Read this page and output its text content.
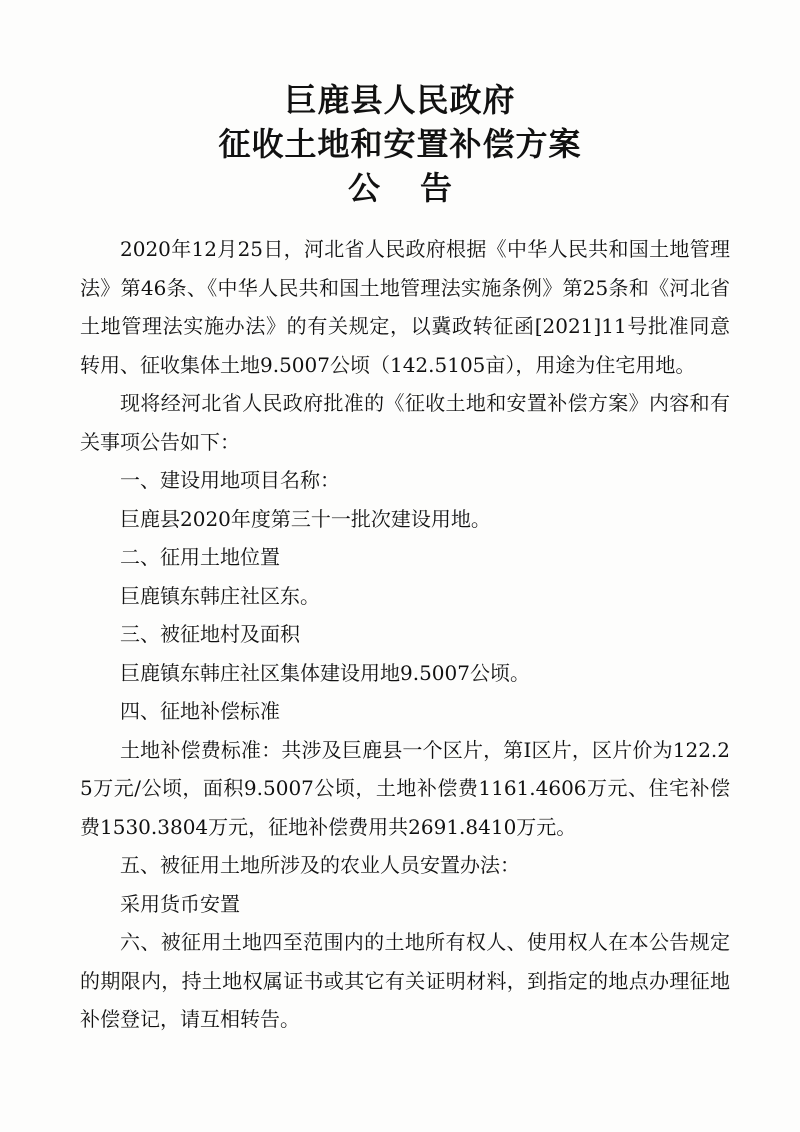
巨鹿县人民政府
征收土地和安置补偿方案
公告

2020年12月25日，河北省人民政府根据《中华人民共和国土地管理法》第46条、《中华人民共和国土地管理法实施条例》第25条和《河北省土地管理法实施办法》的有关规定，以冀政转征函[2021]11号批准同意转用、征收集体土地9.5007公顷（142.5105亩），用途为住宅用地。

现将经河北省人民政府批准的《征收土地和安置补偿方案》内容和有关事项公告如下：

一、建设用地项目名称：

巨鹿县2020年度第三十一批次建设用地。

二、征用土地位置

巨鹿镇东韩庄社区东。

三、被征地村及面积

巨鹿镇东韩庄社区集体建设用地9.5007公顷。

四、征地补偿标准

土地补偿费标准：共涉及巨鹿县一个区片，第Ⅰ区片，区片价为122.25万元/公顷，面积9.5007公顷，土地补偿费1161.4606万元、住宅补偿费1530.3804万元，征地补偿费用共2691.8410万元。

五、被征用土地所涉及的农业人员安置办法：

采用货币安置

六、被征用土地四至范围内的土地所有权人、使用权人在本公告规定的期限内，持土地权属证书或其它有关证明材料，到指定的地点办理征地补偿登记，请互相转告。
